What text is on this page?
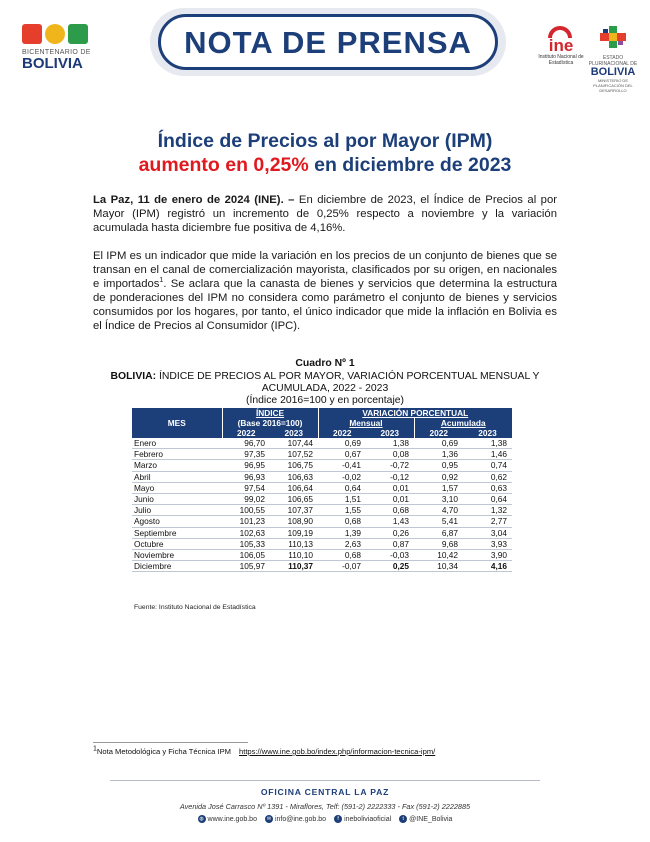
BICENTENARIO DE
BOLIVIA
NOTA DE PRENSA	ine
Instituto Nacional de Estadística
ESTADO PLURINACIONAL DE
BOLIVIA
MINISTERIO DE PLANIFICACIÓN DEL DESARROLLO
Índice de Precios al por Mayor (IPM)
aumento en 0,25% en diciembre de 2023
La Paz, 11 de enero de 2024 (INE). – En diciembre de 2023, el Índice de Precios al por Mayor (IPM) registró un incremento de 0,25% respecto a noviembre y la variación acumulada hasta diciembre fue positiva de 4,16%.
El IPM es un indicador que mide la variación en los precios de un conjunto de bienes que se transan en el canal de comercialización mayorista, clasificados por su origen, en nacionales e importados$^1$. Se aclara que la canasta de bienes y servicios que determina la estructura de ponderaciones del IPM no considera como parámetro el conjunto de bienes y servicios consumidos por los hogares, por tanto, el único indicador que mide la inflación en Bolivia es el Índice de Precios al Consumidor (IPC).
Cuadro Nº 1
BOLIVIA: ÍNDICE DE PRECIOS AL POR MAYOR, VARIACIÓN PORCENTUAL MENSUAL Y ACUMULADA, 2022 - 2023
(Índice 2016=100 y en porcentaje)
MES	ÍNDICE		VARIACIÓN PORCENTUAL			
	(Base 2016=100)		Mensual		Acumulada	
	2022	2023	2022	2023	2022	2023
Enero	96,70	107,44	0,69	1,38	0,69	1,38
Febrero	97,35	107,52	0,67	0,08	1,36	1,46
Marzo	96,95	106,75	-0,41	-0,72	0,95	0,74
Abril	96,93	106,63	-0,02	-0,12	0,92	0,62
Mayo	97,54	106,64	0,64	0,01	1,57	0,63
Junio	99,02	106,65	1,51	0,01	3,10	0,64
Julio	100,55	107,37	1,55	0,68	4,70	1,32
Agosto	101,23	108,90	0,68	1,43	5,41	2,77
Septiembre	102,63	109,19	1,39	0,26	6,87	3,04
Octubre	105,33	110,13	2,63	0,87	9,68	3,93
Noviembre	106,05	110,10	0,68	-0,03	10,42	3,90
Diciembre	105,97	110,37	-0,07	0,25	10,34	4,16
Fuente: Instituto Nacional de Estadística
$^1$Nota Metodológica y Ficha Técnica IPM https://www.ine.gob.bo/index.php/informacion-tecnica-ipm/
OFICINA CENTRAL LA PAZ
Avenida José Carrasco Nº 1391 - Miraflores, Telf: (591-2) 2222333 - Fax (591-2) 2222885
◍ www.ine.gob.bo ✉ info@ine.gob.bo f ineboliviaoficial t @INE_Bolivia
